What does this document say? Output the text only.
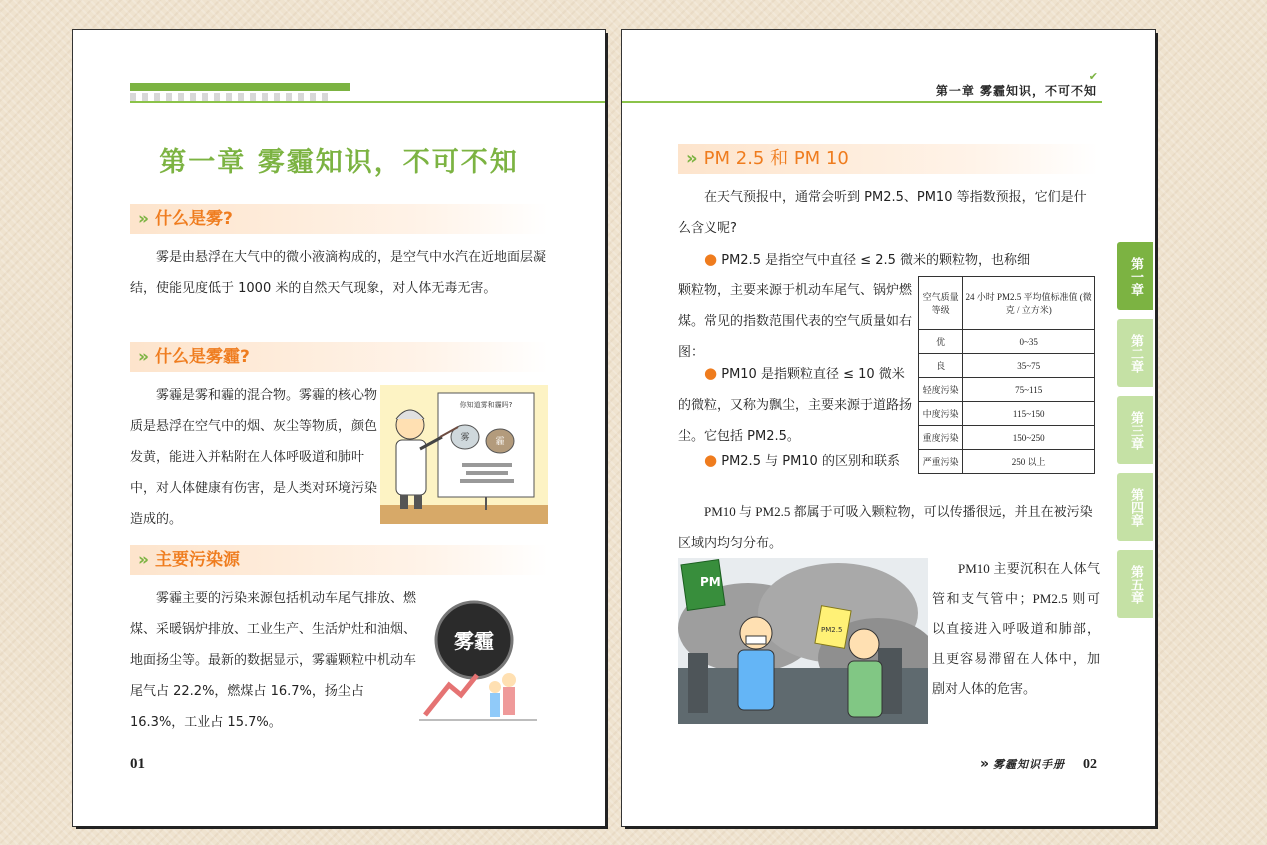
第一章 雾霾知识，不可不知
» 什么是雾?
雾是由悬浮在大气中的微小液滴构成的，是空气中水汽在近地面层凝结，使能见度低于 1000 米的自然天气现象，对人体无毒无害。
» 什么是雾霾?
雾霾是雾和霾的混合物。雾霾的核心物质是悬浮在空气中的烟、灰尘等物质，颜色发黄，能进入并粘附在人体呼吸道和肺叶中，对人体健康有伤害，是人类对环境污染造成的。
你知道雾和霾吗?
雾	霾
» 主要污染源
雾霾主要的污染来源包括机动车尾气排放、燃煤、采暖锅炉排放、工业生产、生活炉灶和油烟、地面扬尘等。最新的数据显示，雾霾颗粒中机动车尾气占 22.2%，燃煤占 16.7%，扬尘占 16.3%，工业占 15.7%。
雾霾
01
✔
第一章 雾霾知识，不可不知
» PM 2.5 和 PM 10
在天气预报中，通常会听到 PM2.5、PM10 等指数预报，它们是什么含义呢?
● PM2.5 是指空气中直径 ≤ 2.5 微米的颗粒物，也称细
颗粒物，主要来源于机动车尾气、锅炉燃煤。常见的指数范围代表的空气质量如右图：
● PM10 是指颗粒直径 ≤ 10 微米的微粒，又称为飘尘，主要来源于道路扬尘。它包括 PM2.5。
● PM2.5 与 PM10 的区别和联系
空气质量等级	24 小时 PM2.5 平均值标准值 (微克 / 立方米)
优	0~35
良	35~75
轻度污染	75~115
中度污染	115~150
重度污染	150~250
严重污染	250 以上
PM10 与 PM2.5 都属于可吸入颗粒物，可以传播很远，并且在被污染区域内均匀分布。
PM
PM2.5
PM10 主要沉积在人体气管和支气管中；PM2.5 则可以直接进入呼吸道和肺部，且更容易滞留在人体中，加剧对人体的危害。
» 雾霾知识手册 02
第一章
第二章
第三章
第四章
第五章
